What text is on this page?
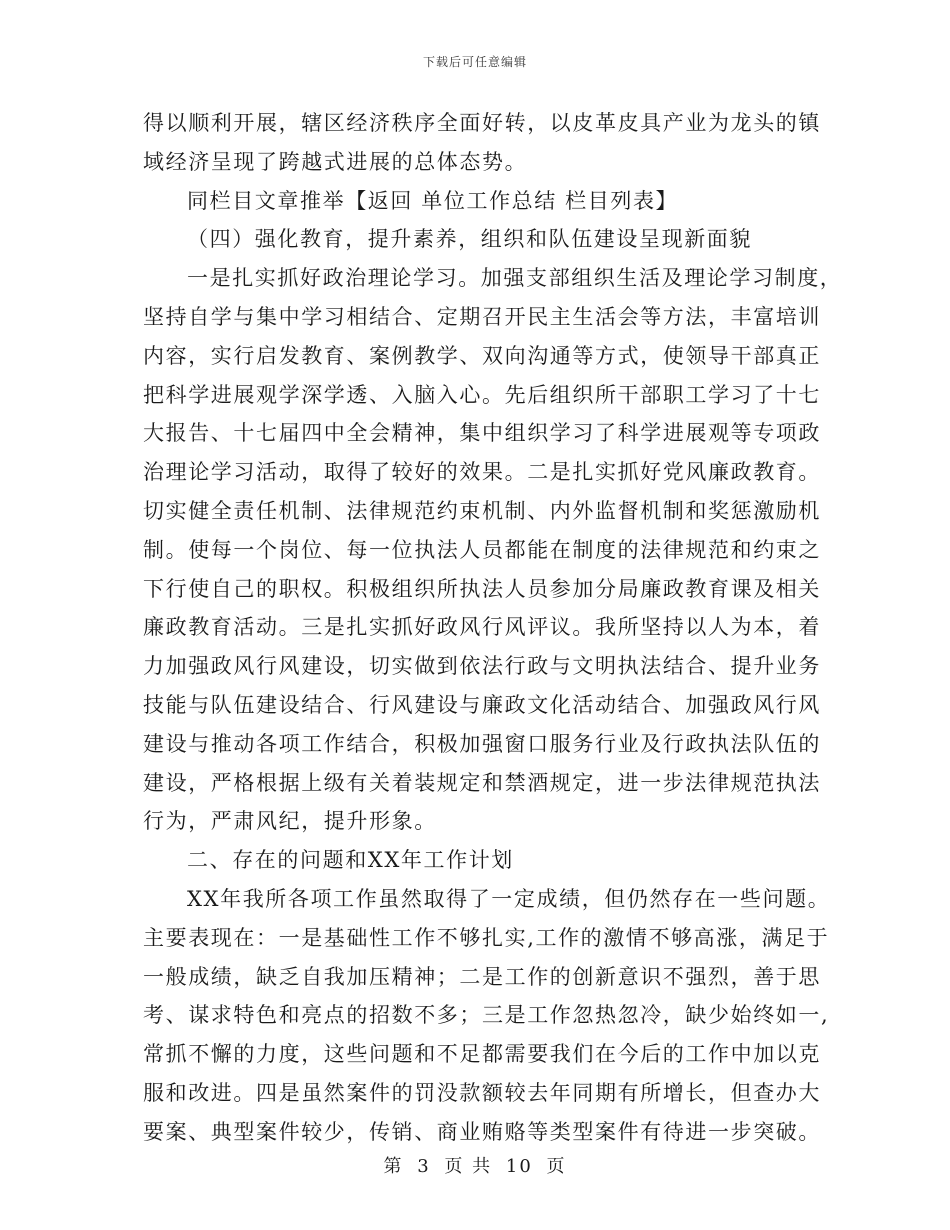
下载后可任意编辑
得以顺利开展，辖区经济秩序全面好转，以皮革皮具产业为龙头的镇
域经济呈现了跨越式进展的总体态势。
同栏目文章推举【返回 单位工作总结 栏目列表】
（四）强化教育，提升素养，组织和队伍建设呈现新面貌
一是扎实抓好政治理论学习。加强支部组织生活及理论学习制度，
坚持自学与集中学习相结合、定期召开民主生活会等方法，丰富培训
内容，实行启发教育、案例教学、双向沟通等方式，使领导干部真正
把科学进展观学深学透、入脑入心。先后组织所干部职工学习了十七
大报告、十七届四中全会精神，集中组织学习了科学进展观等专项政
治理论学习活动，取得了较好的效果。二是扎实抓好党风廉政教育。
切实健全责任机制、法律规范约束机制、内外监督机制和奖惩激励机
制。使每一个岗位、每一位执法人员都能在制度的法律规范和约束之
下行使自己的职权。积极组织所执法人员参加分局廉政教育课及相关
廉政教育活动。三是扎实抓好政风行风评议。我所坚持以人为本，着
力加强政风行风建设，切实做到依法行政与文明执法结合、提升业务
技能与队伍建设结合、行风建设与廉政文化活动结合、加强政风行风
建设与推动各项工作结合，积极加强窗口服务行业及行政执法队伍的
建设，严格根据上级有关着装规定和禁酒规定，进一步法律规范执法
行为，严肃风纪，提升形象。
二、存在的问题和XX年工作计划
XX年我所各项工作虽然取得了一定成绩，但仍然存在一些问题。
主要表现在：一是基础性工作不够扎实,工作的激情不够高涨，满足于
一般成绩，缺乏自我加压精神；二是工作的创新意识不强烈，善于思
考、谋求特色和亮点的招数不多；三是工作忽热忽冷，缺少始终如一,
常抓不懈的力度，这些问题和不足都需要我们在今后的工作中加以克
服和改进。四是虽然案件的罚没款额较去年同期有所增长，但查办大
要案、典型案件较少，传销、商业贿赂等类型案件有待进一步突破。
第 3 页 共 10 页
